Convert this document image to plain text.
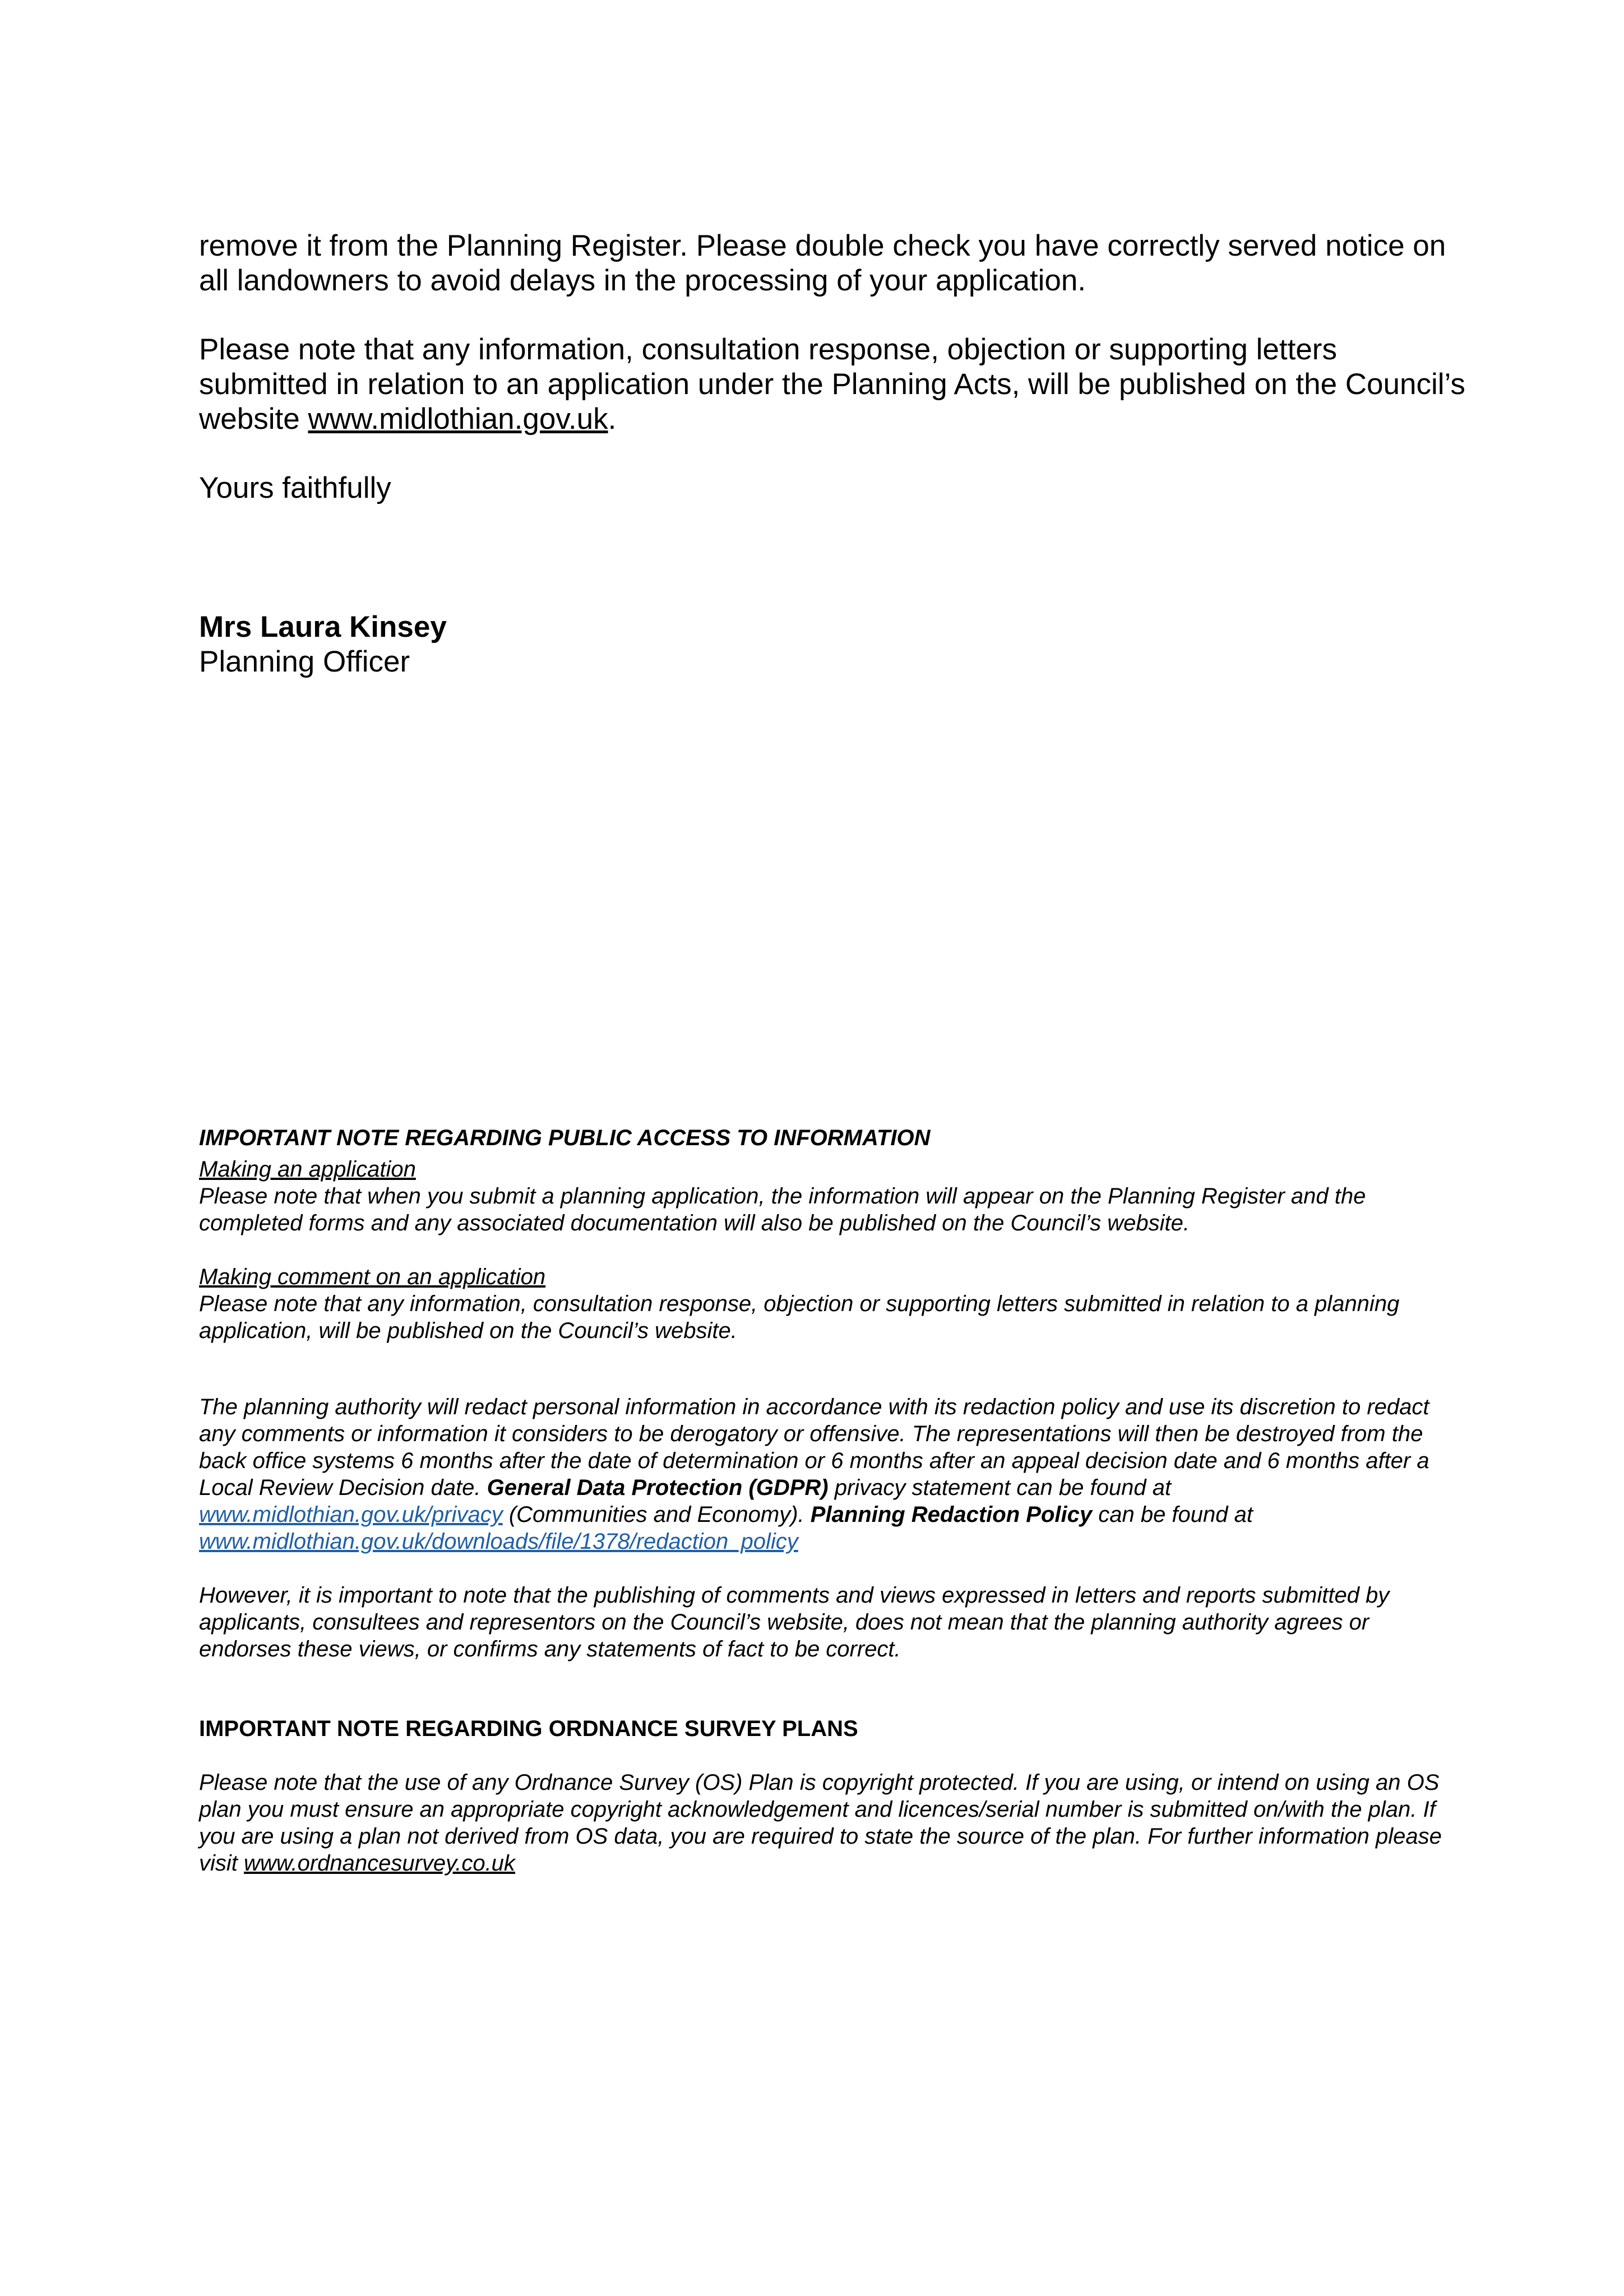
remove it from the Planning Register. Please double check you have correctly served notice on all landowners to avoid delays in the processing of your application.

Please note that any information, consultation response, objection or supporting letters submitted in relation to an application under the Planning Acts, will be published on the Council’s website www.midlothian.gov.uk.

Yours faithfully

Mrs Laura Kinsey

Planning Officer

IMPORTANT NOTE REGARDING PUBLIC ACCESS TO INFORMATION

Making an application

Please note that when you submit a planning application, the information will appear on the Planning Register and the completed forms and any associated documentation will also be published on the Council’s website.

Making comment on an application

Please note that any information, consultation response, objection or supporting letters submitted in relation to a planning application, will be published on the Council’s website.

The planning authority will redact personal information in accordance with its redaction policy and use its discretion to redact any comments or information it considers to be derogatory or offensive. The representations will then be destroyed from the back office systems 6 months after the date of determination or 6 months after an appeal decision date and 6 months after a Local Review Decision date. General Data Protection (GDPR) privacy statement can be found at www.midlothian.gov.uk/privacy (Communities and Economy). Planning Redaction Policy can be found at
www.midlothian.gov.uk/downloads/file/1378/redaction_policy

However, it is important to note that the publishing of comments and views expressed in letters and reports submitted by applicants, consultees and representors on the Council’s website, does not mean that the planning authority agrees or endorses these views, or confirms any statements of fact to be correct.

IMPORTANT NOTE REGARDING ORDNANCE SURVEY PLANS

Please note that the use of any Ordnance Survey (OS) Plan is copyright protected. If you are using, or intend on using an OS plan you must ensure an appropriate copyright acknowledgement and licences/serial number is submitted on/with the plan. If you are using a plan not derived from OS data, you are required to state the source of the plan. For further information please visit www.ordnancesurvey.co.uk
